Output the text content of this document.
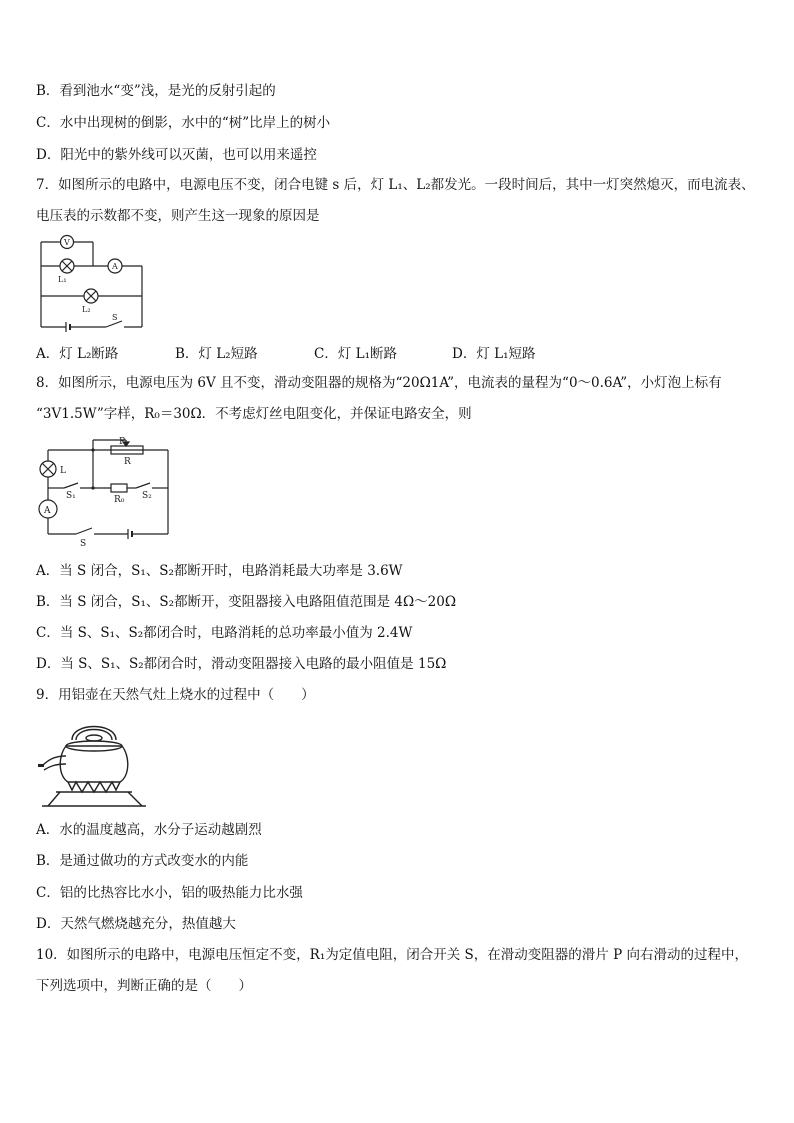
B．看到池水“变”浅，是光的反射引起的
C．水中出现树的倒影，水中的“树”比岸上的树小
D．阳光中的紫外线可以灭菌，也可以用来遥控
7．如图所示的电路中，电源电压不变，闭合电键 s 后，灯 L₁、L₂都发光。一段时间后，其中一灯突然熄灭，而电流表、
电压表的示数都不变，则产生这一现象的原因是
V
A
L₁
L₂
S
A．灯 L₂断路	B．灯 L₂短路	C．灯 L₁断路	D．灯 L₁短路
8．如图所示，电源电压为 6V 且不变，滑动变阻器的规格为“20Ω1A”，电流表的量程为“0～0.6A”，小灯泡上标有
“3V1.5W”字样，R₀＝30Ω．不考虑灯丝电阻变化，并保证电路安全，则
P
R
L
S₁	R₀ S₂
A
S
A．当 S 闭合，S₁、S₂都断开时，电路消耗最大功率是 3.6W
B．当 S 闭合，S₁、S₂都断开，变阻器接入电路阻值范围是 4Ω～20Ω
C．当 S、S₁、S₂都闭合时，电路消耗的总功率最小值为 2.4W
D．当 S、S₁、S₂都闭合时，滑动变阻器接入电路的最小阻值是 15Ω
9．用铝壶在天然气灶上烧水的过程中（　　）
A．水的温度越高，水分子运动越剧烈
B．是通过做功的方式改变水的内能
C．铝的比热容比水小，铝的吸热能力比水强
D．天然气燃烧越充分，热值越大
10．如图所示的电路中，电源电压恒定不变，R₁为定值电阻，闭合开关 S，在滑动变阻器的滑片 P 向右滑动的过程中，
下列选项中，判断正确的是（　　）
